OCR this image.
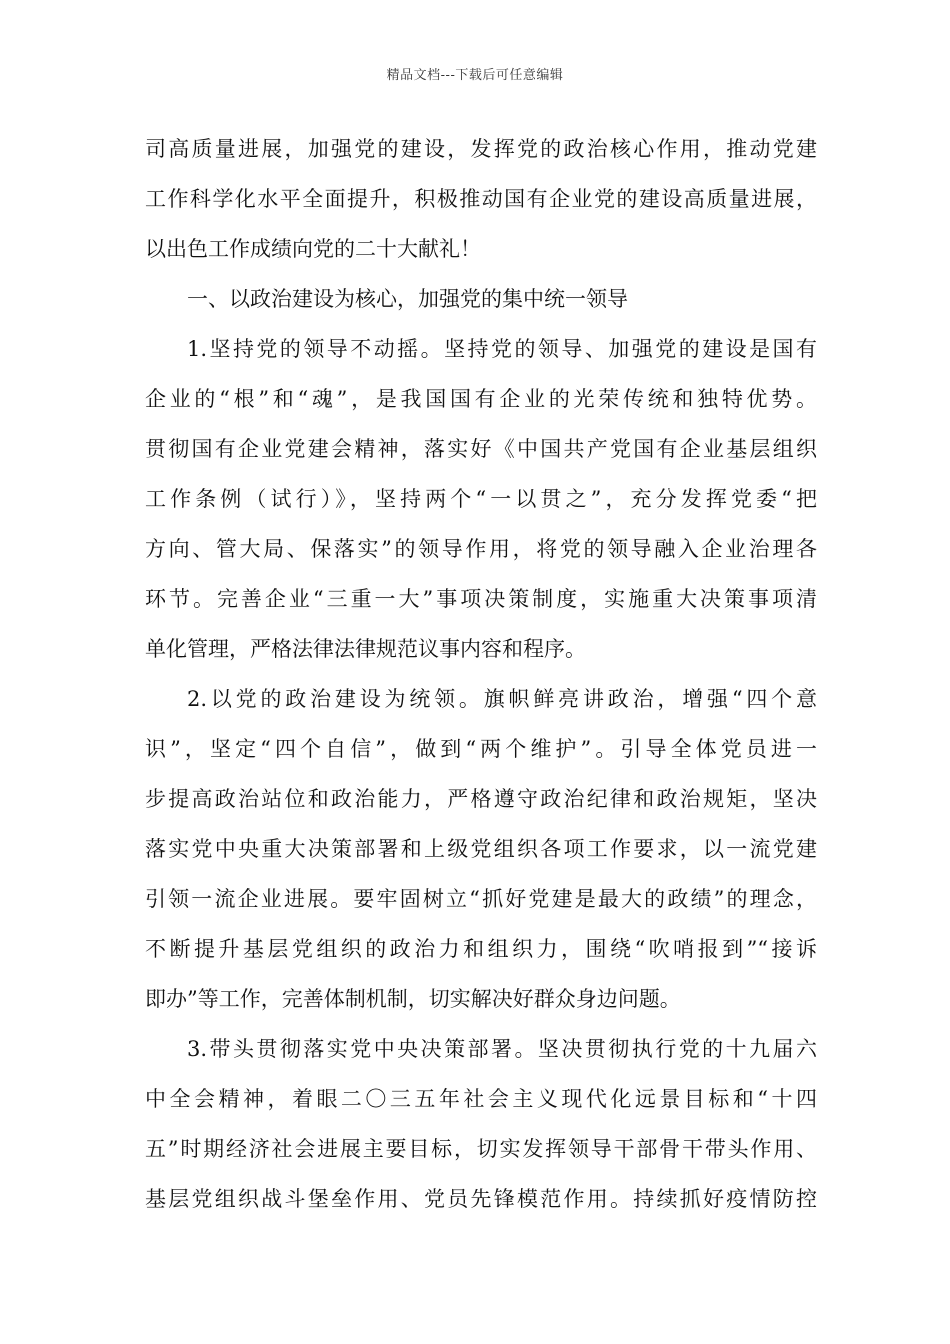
精品文档---下载后可任意编辑
司高质量进展，加强党的建设，发挥党的政治核心作用，推动党建
工作科学化水平全面提升，积极推动国有企业党的建设高质量进展，
以出色工作成绩向党的二十大献礼！
一、以政治建设为核心，加强党的集中统一领导
1.坚持党的领导不动摇。坚持党的领导、加强党的建设是国有
企业的“根”和“魂”，是我国国有企业的光荣传统和独特优势。
贯彻国有企业党建会精神，落实好《中国共产党国有企业基层组织
工作条例（试行）》，坚持两个“一以贯之”，充分发挥党委“把
方向、管大局、保落实”的领导作用，将党的领导融入企业治理各
环节。完善企业“三重一大”事项决策制度，实施重大决策事项清
单化管理，严格法律法律规范议事内容和程序。
2.以党的政治建设为统领。旗帜鲜亮讲政治，增强“四个意
识”，坚定“四个自信”，做到“两个维护”。引导全体党员进一
步提高政治站位和政治能力，严格遵守政治纪律和政治规矩，坚决
落实党中央重大决策部署和上级党组织各项工作要求，以一流党建
引领一流企业进展。要牢固树立“抓好党建是最大的政绩”的理念，
不断提升基层党组织的政治力和组织力，围绕“吹哨报到”“接诉
即办”等工作，完善体制机制，切实解决好群众身边问题。
3.带头贯彻落实党中央决策部署。坚决贯彻执行党的十九届六
中全会精神，着眼二〇三五年社会主义现代化远景目标和“十四
五”时期经济社会进展主要目标，切实发挥领导干部骨干带头作用、
基层党组织战斗堡垒作用、党员先锋模范作用。持续抓好疫情防控
